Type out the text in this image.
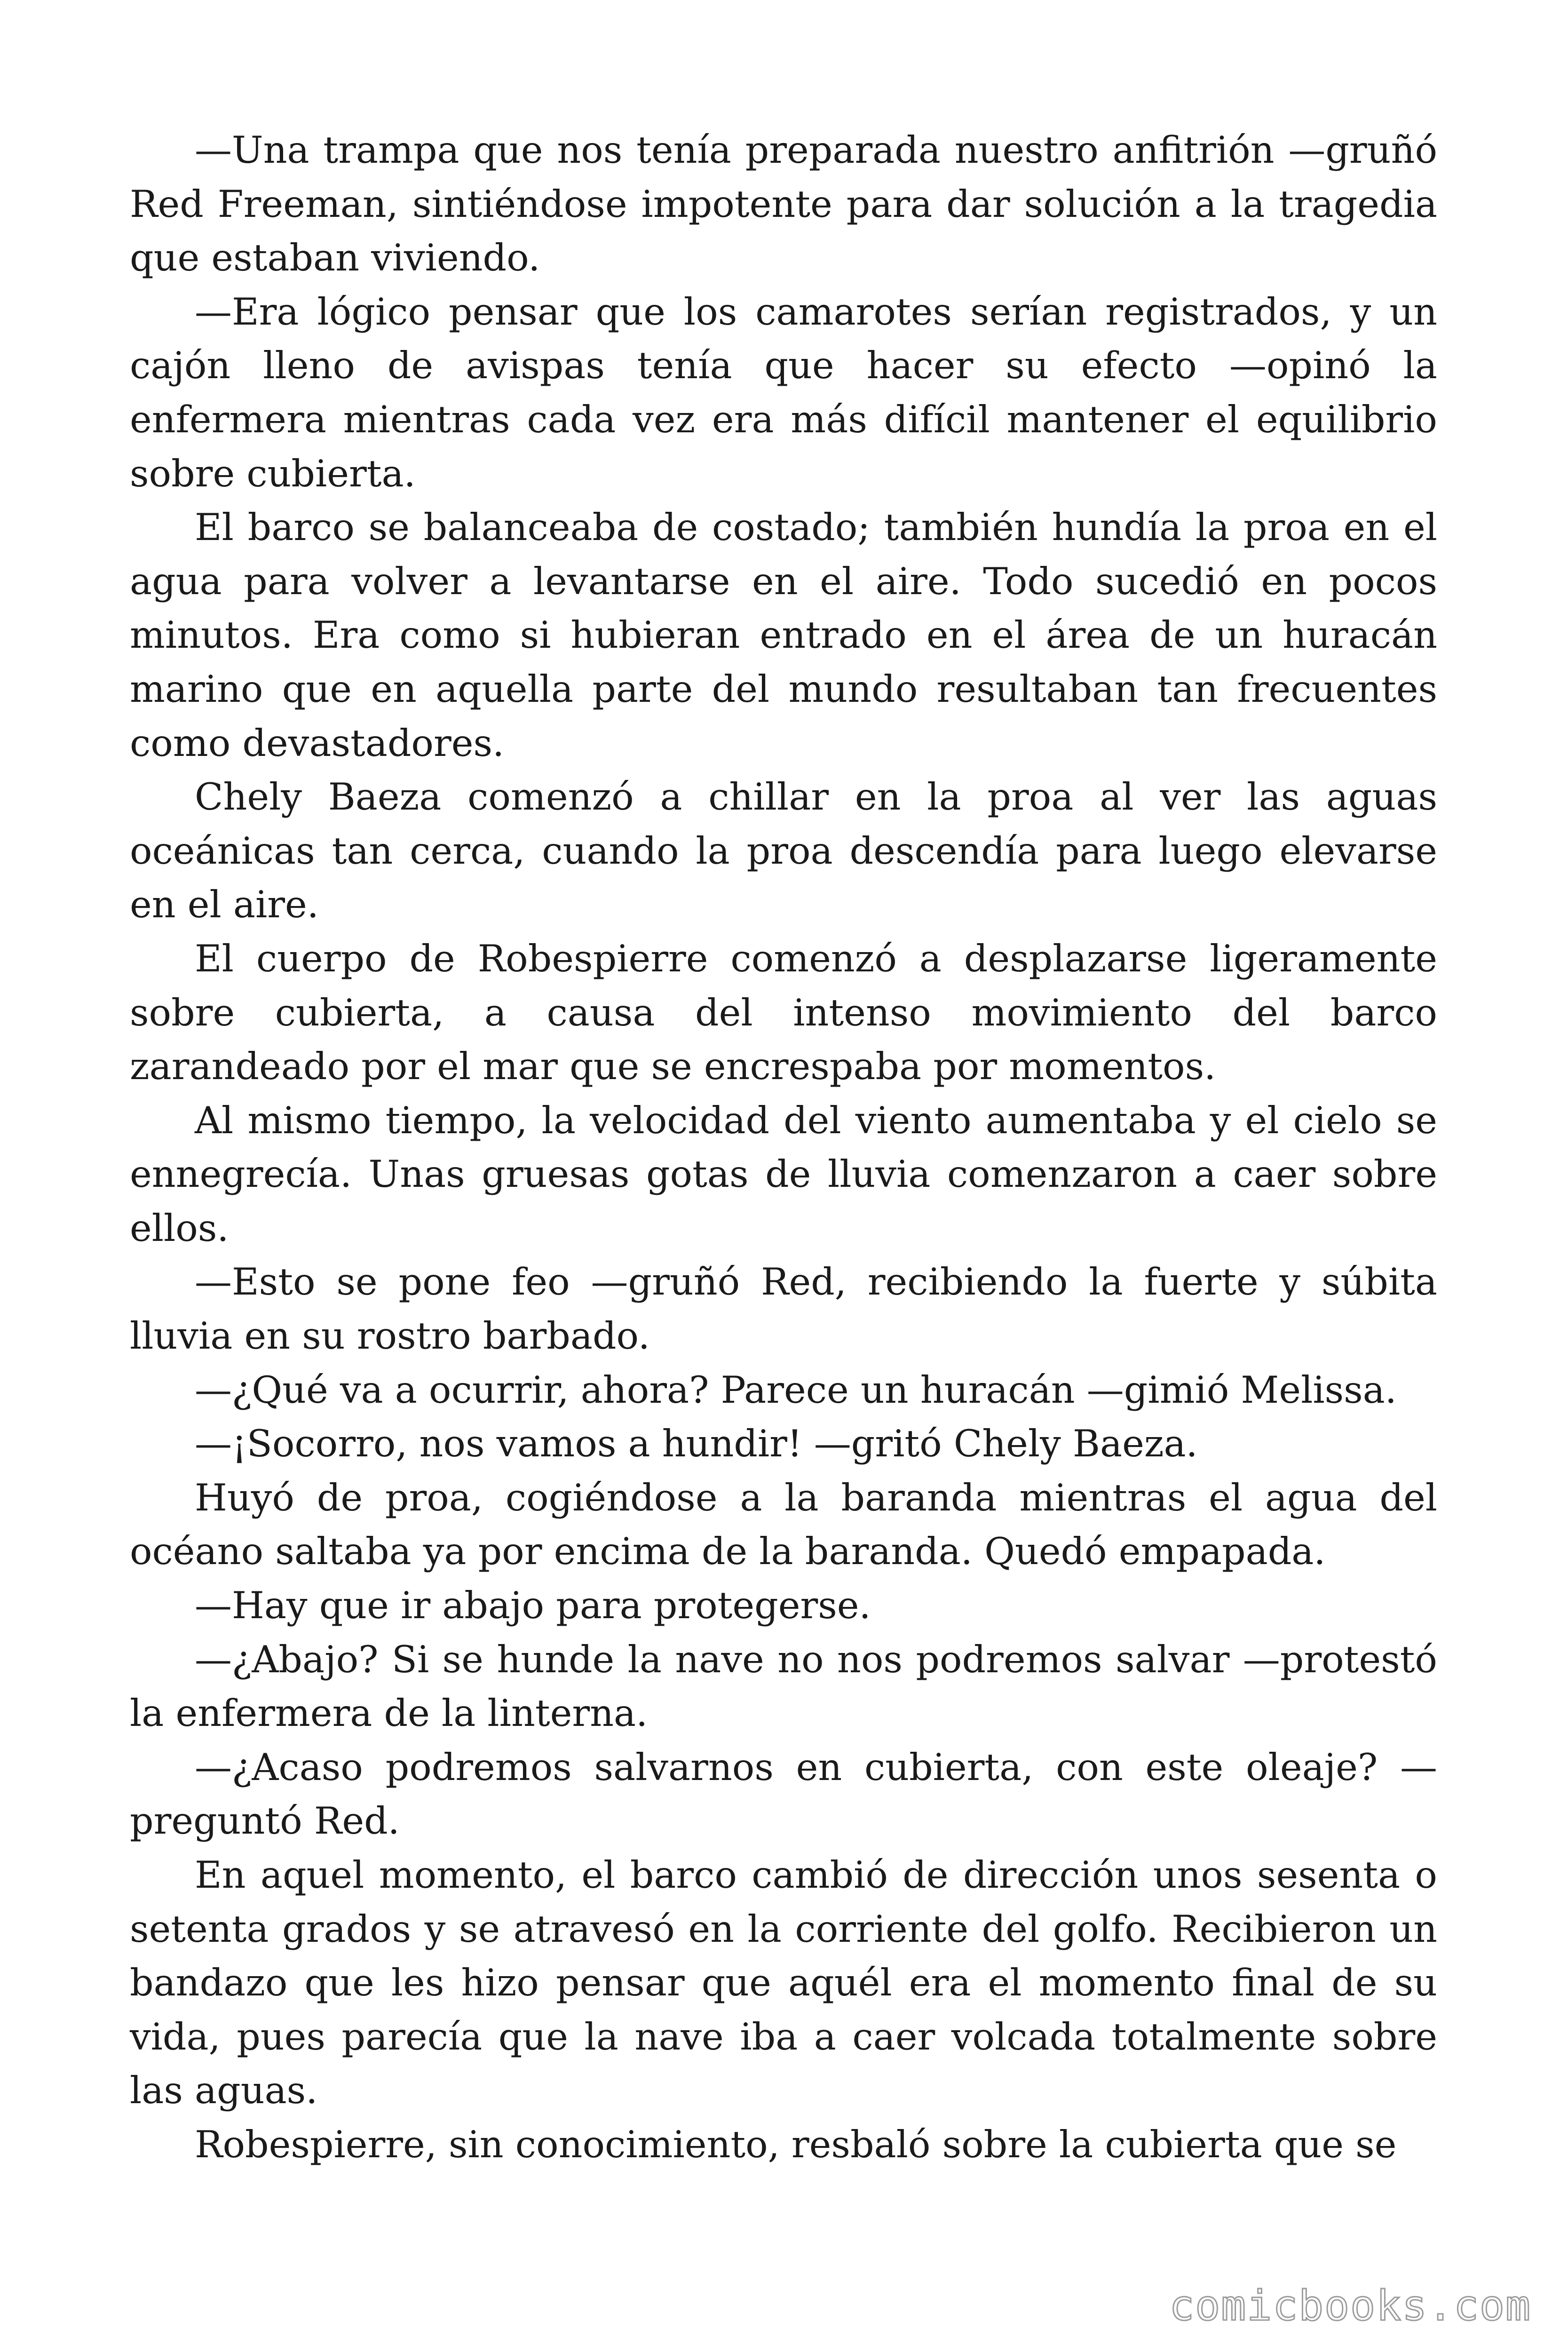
—Una trampa que nos tenía preparada nuestro anfitrión —gruñó Red Freeman, sintiéndose impotente para dar solución a la tragedia que estaban viviendo.

—Era lógico pensar que los camarotes serían registrados, y un cajón lleno de avispas tenía que hacer su efecto —opinó la enfermera mientras cada vez era más difícil mantener el equilibrio sobre cubierta.

El barco se balanceaba de costado; también hundía la proa en el agua para volver a levantarse en el aire. Todo sucedió en pocos minutos. Era como si hubieran entrado en el área de un huracán marino que en aquella parte del mundo resultaban tan frecuentes como devastadores.

Chely Baeza comenzó a chillar en la proa al ver las aguas oceánicas tan cerca, cuando la proa descendía para luego elevarse en el aire.

El cuerpo de Robespierre comenzó a desplazarse ligeramente sobre cubierta, a causa del intenso movimiento del barco zarandeado por el mar que se encrespaba por momentos.

Al mismo tiempo, la velocidad del viento aumentaba y el cielo se ennegrecía. Unas gruesas gotas de lluvia comenzaron a caer sobre ellos.

—Esto se pone feo —gruñó Red, recibiendo la fuerte y súbita lluvia en su rostro barbado.

—¿Qué va a ocurrir, ahora? Parece un huracán —gimió Melissa.

—¡Socorro, nos vamos a hundir! —gritó Chely Baeza.

Huyó de proa, cogiéndose a la baranda mientras el agua del océano saltaba ya por encima de la baranda. Quedó empapada.

—Hay que ir abajo para protegerse.

—¿Abajo? Si se hunde la nave no nos podremos salvar —protestó la enfermera de la linterna.

—¿Acaso podremos salvarnos en cubierta, con este oleaje? —preguntó Red.

En aquel momento, el barco cambió de dirección unos sesenta o setenta grados y se atravesó en la corriente del golfo. Recibieron un bandazo que les hizo pensar que aquél era el momento final de su vida, pues parecía que la nave iba a caer volcada totalmente sobre las aguas.

Robespierre, sin conocimiento, resbaló sobre la cubierta que se

comicbooks.com
